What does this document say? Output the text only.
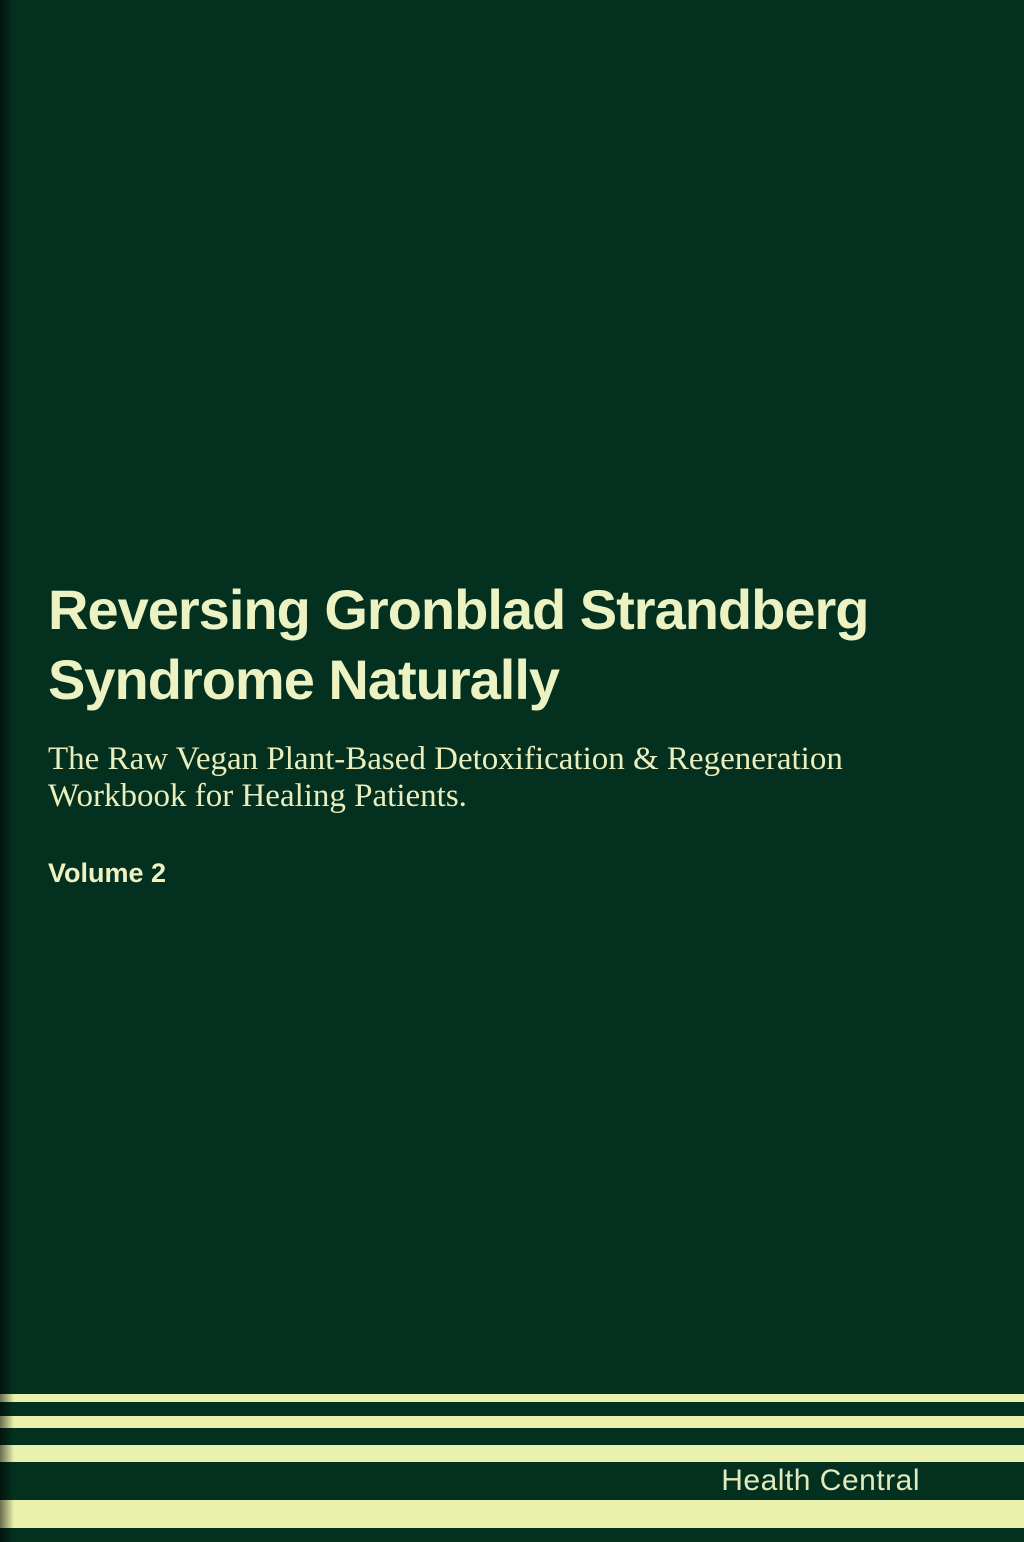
Reversing Gronblad Strandberg
Syndrome Naturally

The Raw Vegan Plant-Based Detoxification & Regeneration
Workbook for Healing Patients.

Volume 2

Health Central
